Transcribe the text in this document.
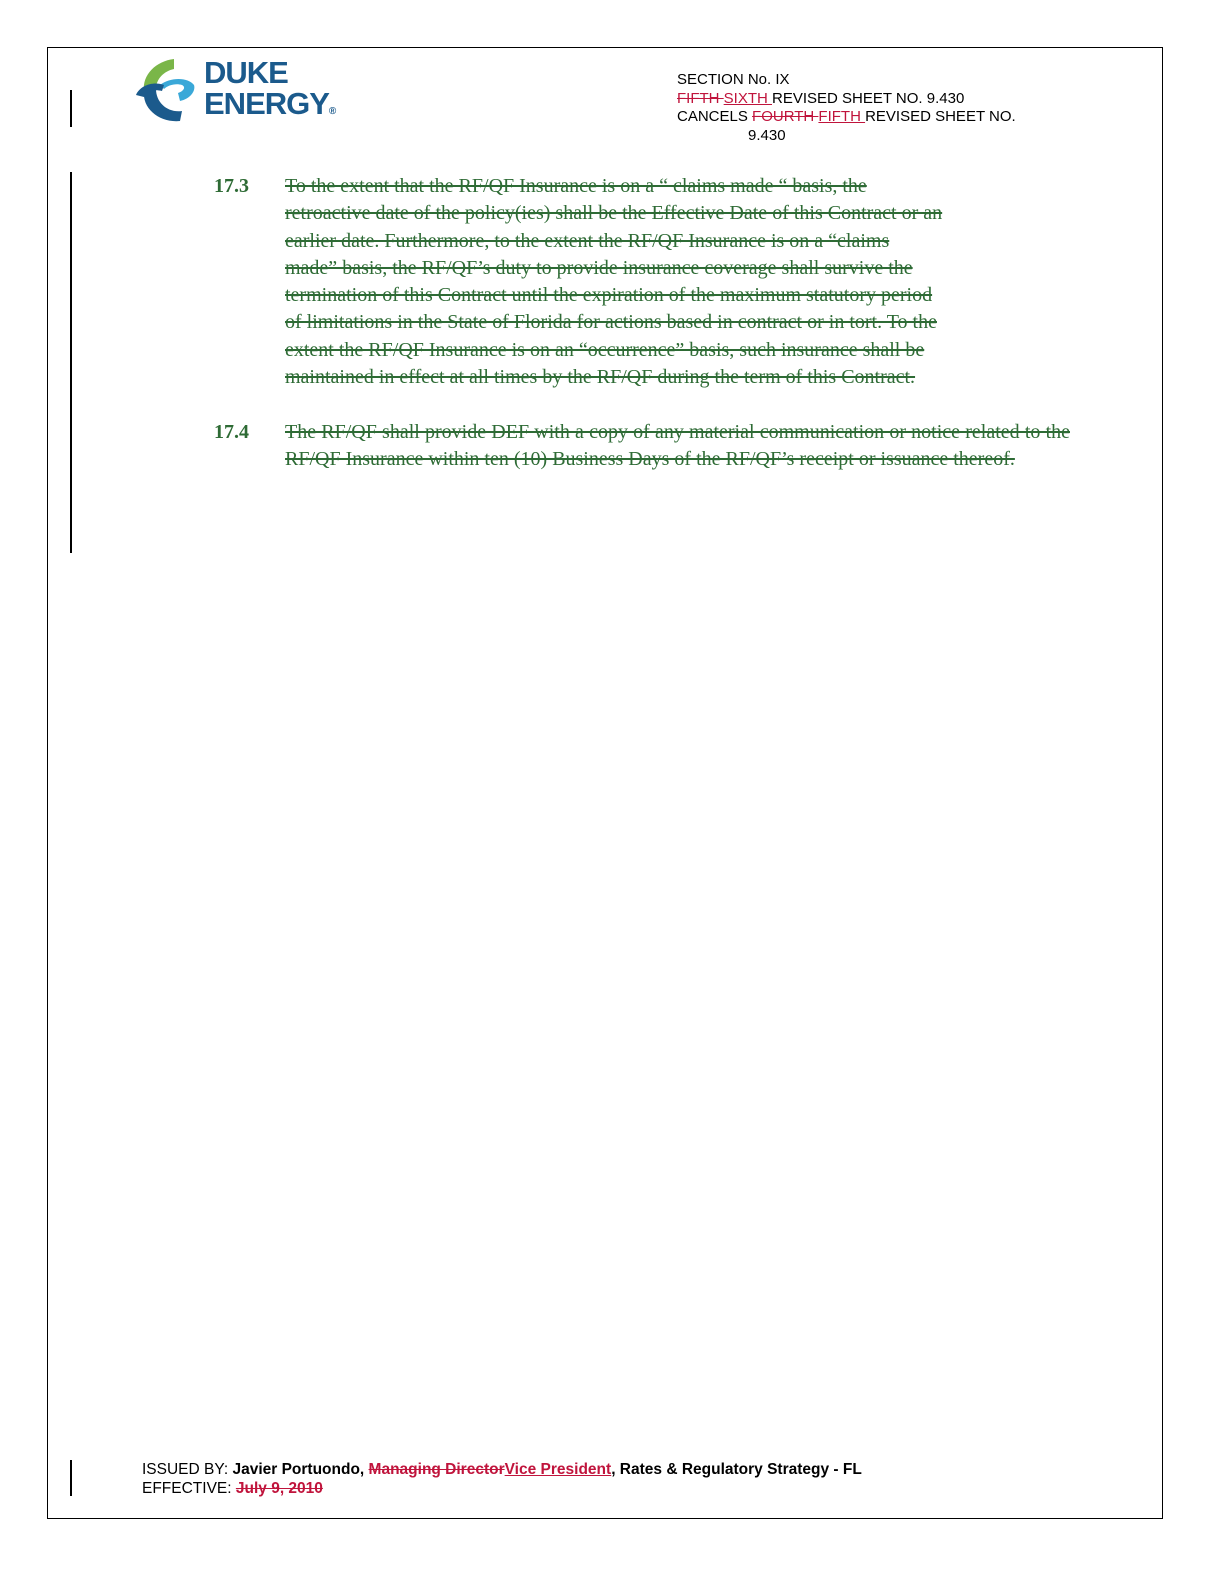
DUKE
ENERGY®
SECTION No. IX
FIFTH SIXTH REVISED SHEET NO. 9.430
CANCELS FOURTH FIFTH REVISED SHEET NO.
9.430
17.3	To the extent that the RF/QF Insurance is on a “ claims made “ basis, the
retroactive date of the policy(ies) shall be the Effective Date of this Contract or an
earlier date. Furthermore, to the extent the RF/QF Insurance is on a “claims
made” basis, the RF/QF’s duty to provide insurance coverage shall survive the
termination of this Contract until the expiration of the maximum statutory period
of limitations in the State of Florida for actions based in contract or in tort. To the
extent the RF/QF Insurance is on an “occurrence” basis, such insurance shall be
maintained in effect at all times by the RF/QF during the term of this Contract.
17.4	The RF/QF shall provide DEF with a copy of any material communication or notice related to the RF/QF Insurance within ten (10) Business Days of the RF/QF’s receipt or issuance thereof.
ISSUED BY: Javier Portuondo, Managing DirectorVice President, Rates & Regulatory Strategy - FL
EFFECTIVE: July 9, 2010
